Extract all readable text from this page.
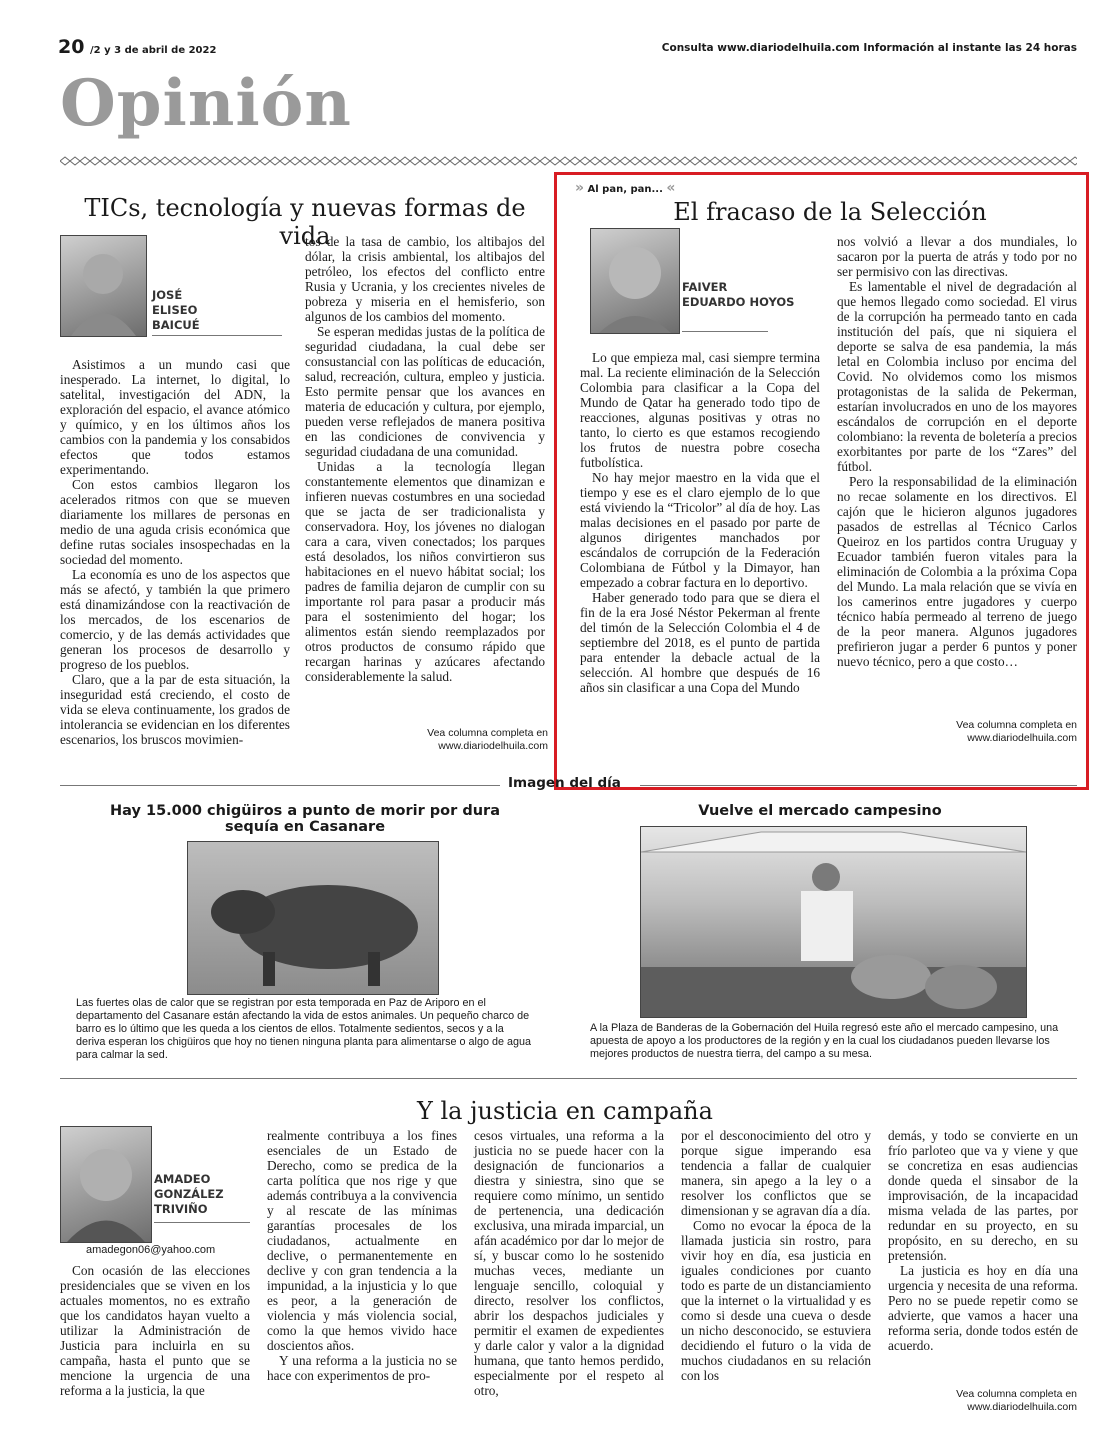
20 /2 y 3 de abril de 2022	Consulta www.diariodelhuila.com Información al instante las 24 horas
Opinión
TICs, tecnología y nuevas formas de vida
JOSÉ
ELISEO
BAICUÉ

Asistimos a un mundo casi que inesperado. La internet, lo digital, lo satelital, investigación del ADN, la exploración del espacio, el avance atómico y químico, y en los últimos años los cambios con la pandemia y los consabidos efectos que todos estamos experimentando.

Con estos cambios llegaron los acelerados ritmos con que se mueven diariamente los millares de personas en medio de una aguda crisis económica que define rutas sociales insospechadas en la sociedad del momento.

La economía es uno de los aspectos que más se afectó, y también la que primero está dinamizándose con la reactivación de los mercados, de los escenarios de comercio, y de las demás actividades que generan los procesos de desarrollo y progreso de los pueblos.

Claro, que a la par de esta situación, la inseguridad está creciendo, el costo de vida se eleva continuamente, los grados de intolerancia se evidencian en los diferentes escenarios, los bruscos movimien-

tos de la tasa de cambio, los altibajos del dólar, la crisis ambiental, los altibajos del petróleo, los efectos del conflicto entre Rusia y Ucrania, y los crecientes niveles de pobreza y miseria en el hemisferio, son algunos de los cambios del momento.

Se esperan medidas justas de la política de seguridad ciudadana, la cual debe ser consustancial con las políticas de educación, salud, recreación, cultura, empleo y justicia. Esto permite pensar que los avances en materia de educación y cultura, por ejemplo, pueden verse reflejados de manera positiva en las condiciones de convivencia y seguridad ciudadana de una comunidad.

Unidas a la tecnología llegan constantemente elementos que dinamizan e infieren nuevas costumbres en una sociedad que se jacta de ser tradicionalista y conservadora. Hoy, los jóvenes no dialogan cara a cara, viven conectados; los parques está desolados, los niños convirtieron sus habitaciones en el nuevo hábitat social; los padres de familia dejaron de cumplir con su importante rol para pasar a producir más para el sostenimiento del hogar; los alimentos están siendo reemplazados por otros productos de consumo rápido que recargan harinas y azúcares afectando considerablemente la salud.

Vea columna completa en
www.diariodelhuila.com
» Al pan, pan... «
El fracaso de la Selección
FAIVER
EDUARDO HOYOS

Lo que empieza mal, casi siempre termina mal. La reciente eliminación de la Selección Colombia para clasificar a la Copa del Mundo de Qatar ha generado todo tipo de reacciones, algunas positivas y otras no tanto, lo cierto es que estamos recogiendo los frutos de nuestra pobre cosecha futbolística.

No hay mejor maestro en la vida que el tiempo y ese es el claro ejemplo de lo que está viviendo la “Tricolor” al día de hoy. Las malas decisiones en el pasado por parte de algunos dirigentes manchados por escándalos de corrupción de la Federación Colombiana de Fútbol y la Dimayor, han empezado a cobrar factura en lo deportivo.

Haber generado todo para que se diera el fin de la era José Néstor Pekerman al frente del timón de la Selección Colombia el 4 de septiembre del 2018, es el punto de partida para entender la debacle actual de la selección. Al hombre que después de 16 años sin clasificar a una Copa del Mundo

nos volvió a llevar a dos mundiales, lo sacaron por la puerta de atrás y todo por no ser permisivo con las directivas.

Es lamentable el nivel de degradación al que hemos llegado como sociedad. El virus de la corrupción ha permeado tanto en cada institución del país, que ni siquiera el deporte se salva de esa pandemia, la más letal en Colombia incluso por encima del Covid. No olvidemos como los mismos protagonistas de la salida de Pekerman, estarían involucrados en uno de los mayores escándalos de corrupción en el deporte colombiano: la reventa de boletería a precios exorbitantes por parte de los “Zares” del fútbol.

Pero la responsabilidad de la eliminación no recae solamente en los directivos. El cajón que le hicieron algunos jugadores pasados de estrellas al Técnico Carlos Queiroz en los partidos contra Uruguay y Ecuador también fueron vitales para la eliminación de Colombia a la próxima Copa del Mundo. La mala relación que se vivía en los camerinos entre jugadores y cuerpo técnico había permeado al terreno de juego de la peor manera. Algunos jugadores prefirieron jugar a perder 6 puntos y poner nuevo técnico, pero a que costo…

Vea columna completa en
www.diariodelhuila.com
Imagen del día
Hay 15.000 chigüiros a punto de morir por dura sequía en Casanare
Las fuertes olas de calor que se registran por esta temporada en Paz de Ariporo en el departamento del Casanare están afectando la vida de estos animales. Un pequeño charco de barro es lo último que les queda a los cientos de ellos. Totalmente sedientos, secos y a la deriva esperan los chigüiros que hoy no tienen ninguna planta para alimentarse o algo de agua para calmar la sed.
Vuelve el mercado campesino
A la Plaza de Banderas de la Gobernación del Huila regresó este año el mercado campesino, una apuesta de apoyo a los productores de la región y en la cual los ciudadanos pueden llevarse los mejores productos de nuestra tierra, del campo a su mesa.
Y la justicia en campaña
AMADEO
GONZÁLEZ
TRIVIÑO
amadegon06@yahoo.com

Con ocasión de las elecciones presidenciales que se viven en los actuales momentos, no es extraño que los candidatos hayan vuelto a utilizar la Administración de Justicia para incluirla en su campaña, hasta el punto que se mencione la urgencia de una reforma a la justicia, la que

realmente contribuya a los fines esenciales de un Estado de Derecho, como se predica de la carta política que nos rige y que además contribuya a la convivencia y al rescate de las mínimas garantías procesales de los ciudadanos, actualmente en declive, o permanentemente en declive y con gran tendencia a la impunidad, a la injusticia y lo que es peor, a la generación de violencia y más violencia social, como la que hemos vivido hace doscientos años.

Y una reforma a la justicia no se hace con experimentos de pro-

cesos virtuales, una reforma a la justicia no se puede hacer con la designación de funcionarios a diestra y siniestra, sino que se requiere como mínimo, un sentido de pertenencia, una dedicación exclusiva, una mirada imparcial, un afán académico por dar lo mejor de sí, y buscar como lo he sostenido muchas veces, mediante un lenguaje sencillo, coloquial y directo, resolver los conflictos, abrir los despachos judiciales y permitir el examen de expedientes y darle calor y valor a la dignidad humana, que tanto hemos perdido, especialmente por el respeto al otro,

por el desconocimiento del otro y porque sigue imperando esa tendencia a fallar de cualquier manera, sin apego a la ley o a resolver los conflictos que se dimensionan y se agravan día a día.

Como no evocar la época de la llamada justicia sin rostro, para vivir hoy en día, esa justicia en iguales condiciones por cuanto todo es parte de un distanciamiento que la internet o la virtualidad y es como si desde una cueva o desde un nicho desconocido, se estuviera decidiendo el futuro o la vida de muchos ciudadanos en su relación con los

demás, y todo se convierte en un frío parloteo que va y viene y que se concretiza en esas audiencias donde queda el sinsabor de la improvisación, de la incapacidad misma velada de las partes, por redundar en su proyecto, en su propósito, en su derecho, en su pretensión.

La justicia es hoy en día una urgencia y necesita de una reforma. Pero no se puede repetir como se advierte, que vamos a hacer una reforma seria, donde todos estén de acuerdo.

Vea columna completa en
www.diariodelhuila.com
